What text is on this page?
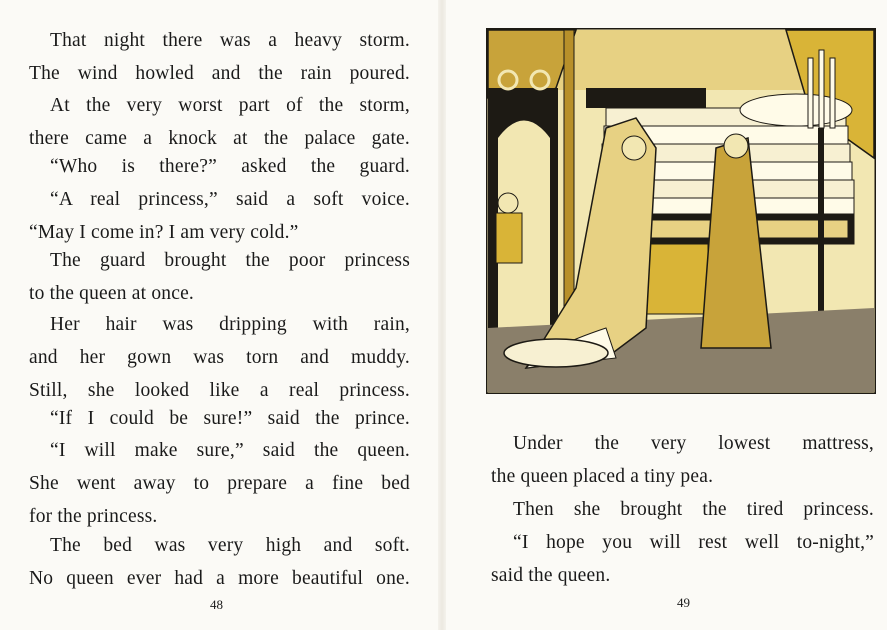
That night there was a heavy storm.
The wind howled and the rain poured.
At the very worst part of the storm,
there came a knock at the palace gate.
“Who is there?” asked the guard.
“A real princess,” said a soft voice.
“May I come in? I am very cold.”
The guard brought the poor princess
to the queen at once.
Her hair was dripping with rain,
and her gown was torn and muddy.
Still, she looked like a real princess.
“If I could be sure!” said the prince.
“I will make sure,” said the queen.
She went away to prepare a fine bed
for the princess.
The bed was very high and soft.
No queen ever had a more beautiful one.
48
Under the very lowest mattress,
the queen placed a tiny pea.
Then she brought the tired princess.
“I hope you will rest well to-night,”
said the queen.
49
